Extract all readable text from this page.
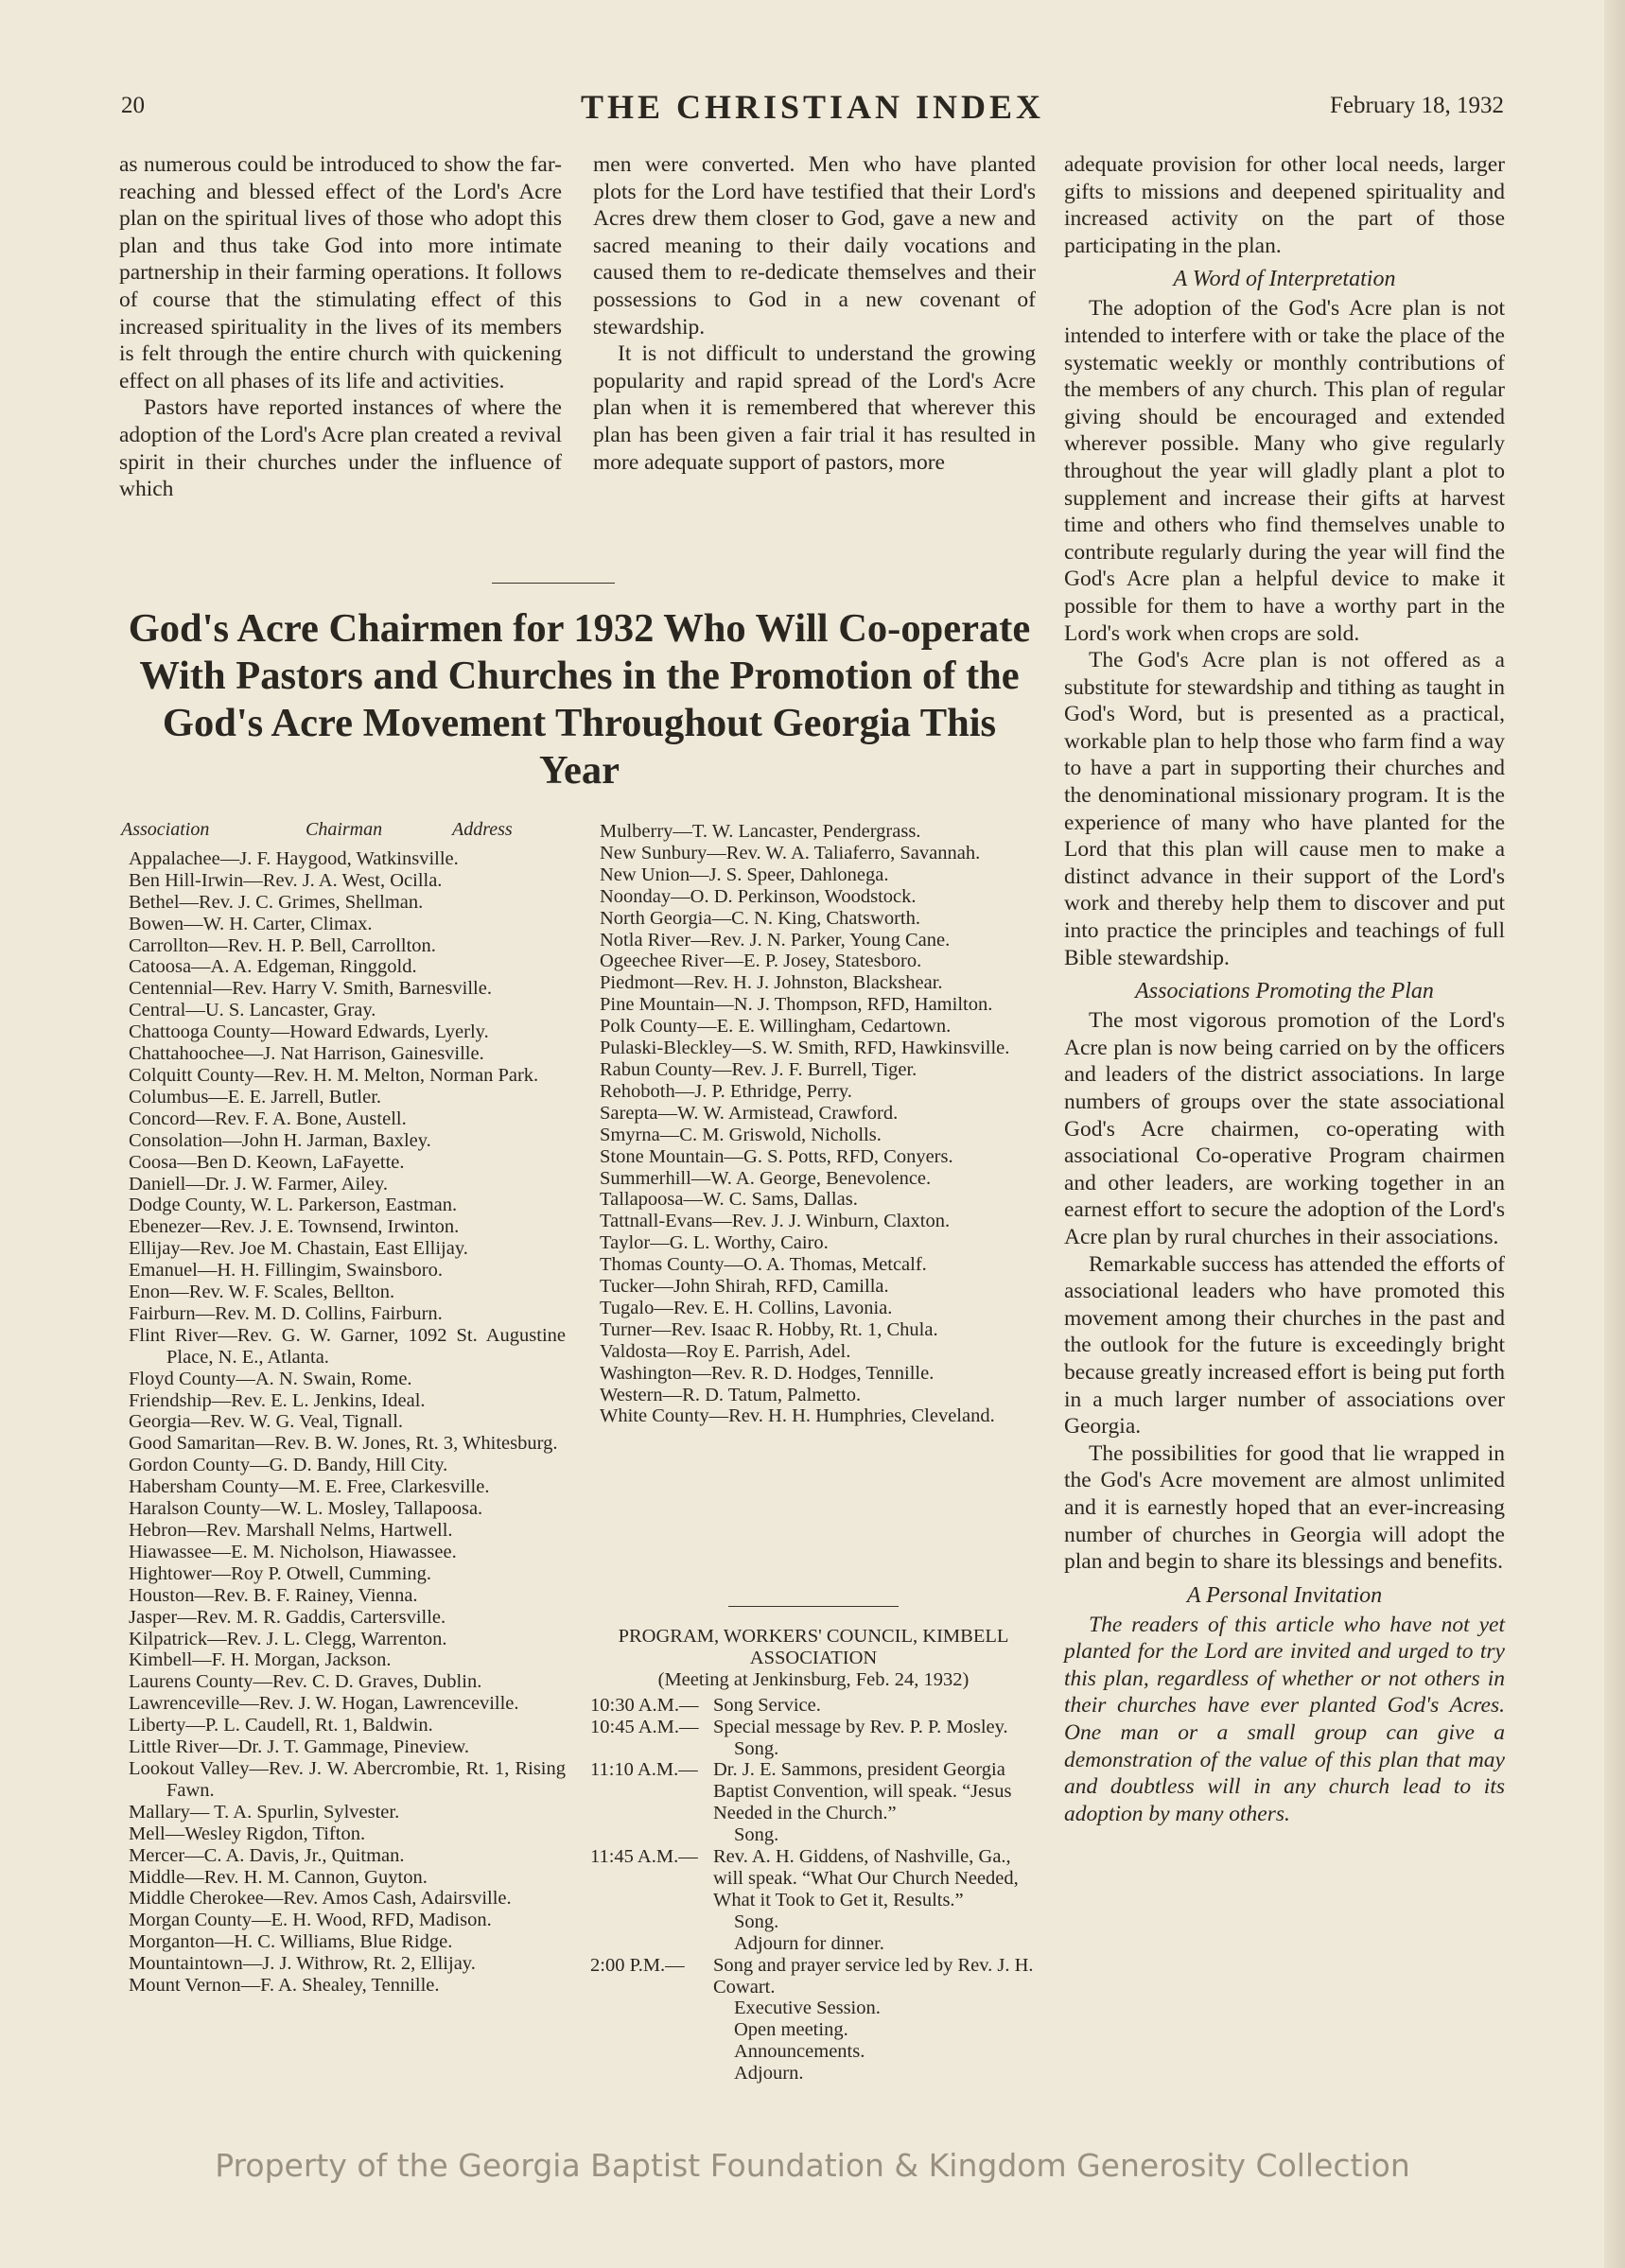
20	THE CHRISTIAN INDEX	February 18, 1932

as numerous could be introduced to show the far-reaching and blessed effect of the Lord's Acre plan on the spiritual lives of those who adopt this plan and thus take God into more intimate partnership in their farming operations. It follows of course that the stimulating effect of this increased spirituality in the lives of its members is felt through the entire church with quickening effect on all phases of its life and activities.

Pastors have reported instances of where the adoption of the Lord's Acre plan created a revival spirit in their churches under the influence of which

men were converted. Men who have planted plots for the Lord have testified that their Lord's Acres drew them closer to God, gave a new and sacred meaning to their daily vocations and caused them to re-dedicate themselves and their possessions to God in a new covenant of stewardship.

It is not difficult to understand the growing popularity and rapid spread of the Lord's Acre plan when it is remembered that wherever this plan has been given a fair trial it has resulted in more adequate support of pastors, more

adequate provision for other local needs, larger gifts to missions and deepened spirituality and increased activity on the part of those participating in the plan.

A Word of Interpretation

The adoption of the God's Acre plan is not intended to interfere with or take the place of the systematic weekly or monthly contributions of the members of any church. This plan of regular giving should be encouraged and extended wherever possible. Many who give regularly throughout the year will gladly plant a plot to supplement and increase their gifts at harvest time and others who find themselves unable to contribute regularly during the year will find the God's Acre plan a helpful device to make it possible for them to have a worthy part in the Lord's work when crops are sold.

The God's Acre plan is not offered as a substitute for stewardship and tithing as taught in God's Word, but is presented as a practical, workable plan to help those who farm find a way to have a part in supporting their churches and the denominational missionary program. It is the experience of many who have planted for the Lord that this plan will cause men to make a distinct advance in their support of the Lord's work and thereby help them to discover and put into practice the principles and teachings of full Bible stewardship.

Associations Promoting the Plan

The most vigorous promotion of the Lord's Acre plan is now being carried on by the officers and leaders of the district associations. In large numbers of groups over the state associational God's Acre chairmen, co-operating with associational Co-operative Program chairmen and other leaders, are working together in an earnest effort to secure the adoption of the Lord's Acre plan by rural churches in their associations.

Remarkable success has attended the efforts of associational leaders who have promoted this movement among their churches in the past and the outlook for the future is exceedingly bright because greatly increased effort is being put forth in a much larger number of associations over Georgia.

The possibilities for good that lie wrapped in the God's Acre movement are almost unlimited and it is earnestly hoped that an ever-increasing number of churches in Georgia will adopt the plan and begin to share its blessings and benefits.

A Personal Invitation

The readers of this article who have not yet planted for the Lord are invited and urged to try this plan, regardless of whether or not others in their churches have ever planted God's Acres. One man or a small group can give a demonstration of the value of this plan that may and doubtless will in any church lead to its adoption by many others.

God's Acre Chairmen for 1932 Who Will Co-operate With Pastors and Churches in the Promotion of the God's Acre Movement Throughout Georgia This Year
Association	Chairman	Address
Appalachee—J. F. Haygood, Watkinsville.
Ben Hill-Irwin—Rev. J. A. West, Ocilla.
Bethel—Rev. J. C. Grimes, Shellman.
Bowen—W. H. Carter, Climax.
Carrollton—Rev. H. P. Bell, Carrollton.
Catoosa—A. A. Edgeman, Ringgold.
Centennial—Rev. Harry V. Smith, Barnesville.
Central—U. S. Lancaster, Gray.
Chattooga County—Howard Edwards, Lyerly.
Chattahoochee—J. Nat Harrison, Gainesville.
Colquitt County—Rev. H. M. Melton, Norman Park.
Columbus—E. E. Jarrell, Butler.
Concord—Rev. F. A. Bone, Austell.
Consolation—John H. Jarman, Baxley.
Coosa—Ben D. Keown, LaFayette.
Daniell—Dr. J. W. Farmer, Ailey.
Dodge County, W. L. Parkerson, Eastman.
Ebenezer—Rev. J. E. Townsend, Irwinton.
Ellijay—Rev. Joe M. Chastain, East Ellijay.
Emanuel—H. H. Fillingim, Swainsboro.
Enon—Rev. W. F. Scales, Bellton.
Fairburn—Rev. M. D. Collins, Fairburn.
Flint River—Rev. G. W. Garner, 1092 St. Augustine Place, N. E., Atlanta.
Floyd County—A. N. Swain, Rome.
Friendship—Rev. E. L. Jenkins, Ideal.
Georgia—Rev. W. G. Veal, Tignall.
Good Samaritan—Rev. B. W. Jones, Rt. 3, Whitesburg.
Gordon County—G. D. Bandy, Hill City.
Habersham County—M. E. Free, Clarkesville.
Haralson County—W. L. Mosley, Tallapoosa.
Hebron—Rev. Marshall Nelms, Hartwell.
Hiawassee—E. M. Nicholson, Hiawassee.
Hightower—Roy P. Otwell, Cumming.
Houston—Rev. B. F. Rainey, Vienna.
Jasper—Rev. M. R. Gaddis, Cartersville.
Kilpatrick—Rev. J. L. Clegg, Warrenton.
Kimbell—F. H. Morgan, Jackson.
Laurens County—Rev. C. D. Graves, Dublin.
Lawrenceville—Rev. J. W. Hogan, Lawrenceville.
Liberty—P. L. Caudell, Rt. 1, Baldwin.
Little River—Dr. J. T. Gammage, Pineview.
Lookout Valley—Rev. J. W. Abercrombie, Rt. 1, Rising Fawn.
Mallary— T. A. Spurlin, Sylvester.
Mell—Wesley Rigdon, Tifton.
Mercer—C. A. Davis, Jr., Quitman.
Middle—Rev. H. M. Cannon, Guyton.
Middle Cherokee—Rev. Amos Cash, Adairsville.
Morgan County—E. H. Wood, RFD, Madison.
Morganton—H. C. Williams, Blue Ridge.
Mountaintown—J. J. Withrow, Rt. 2, Ellijay.
Mount Vernon—F. A. Shealey, Tennille.
Mulberry—T. W. Lancaster, Pendergrass.
New Sunbury—Rev. W. A. Taliaferro, Savannah.
New Union—J. S. Speer, Dahlonega.
Noonday—O. D. Perkinson, Woodstock.
North Georgia—C. N. King, Chatsworth.
Notla River—Rev. J. N. Parker, Young Cane.
Ogeechee River—E. P. Josey, Statesboro.
Piedmont—Rev. H. J. Johnston, Blackshear.
Pine Mountain—N. J. Thompson, RFD, Hamilton.
Polk County—E. E. Willingham, Cedartown.
Pulaski-Bleckley—S. W. Smith, RFD, Hawkinsville.
Rabun County—Rev. J. F. Burrell, Tiger.
Rehoboth—J. P. Ethridge, Perry.
Sarepta—W. W. Armistead, Crawford.
Smyrna—C. M. Griswold, Nicholls.
Stone Mountain—G. S. Potts, RFD, Conyers.
Summerhill—W. A. George, Benevolence.
Tallapoosa—W. C. Sams, Dallas.
Tattnall-Evans—Rev. J. J. Winburn, Claxton.
Taylor—G. L. Worthy, Cairo.
Thomas County—O. A. Thomas, Metcalf.
Tucker—John Shirah, RFD, Camilla.
Tugalo—Rev. E. H. Collins, Lavonia.
Turner—Rev. Isaac R. Hobby, Rt. 1, Chula.
Valdosta—Roy E. Parrish, Adel.
Washington—Rev. R. D. Hodges, Tennille.
Western—R. D. Tatum, Palmetto.
White County—Rev. H. H. Humphries, Cleveland.
PROGRAM, WORKERS' COUNCIL, KIMBELL ASSOCIATION
(Meeting at Jenkinsburg, Feb. 24, 1932)
10:30 A.M.— Song Service.
10:45 A.M.— Special message by Rev. P. P. Mosley.
Song.
11:10 A.M.— Dr. J. E. Sammons, president Georgia Baptist Convention, will speak. “Jesus Needed in the Church.”
Song.
11:45 A.M.— Rev. A. H. Giddens, of Nashville, Ga., will speak. “What Our Church Needed, What it Took to Get it, Results.”
Song.
Adjourn for dinner.
2:00 P.M.—	Song and prayer service led by Rev. J. H. Cowart.
Executive Session.
Open meeting.
Announcements.
Adjourn.
Property of the Georgia Baptist Foundation & Kingdom Generosity Collection
